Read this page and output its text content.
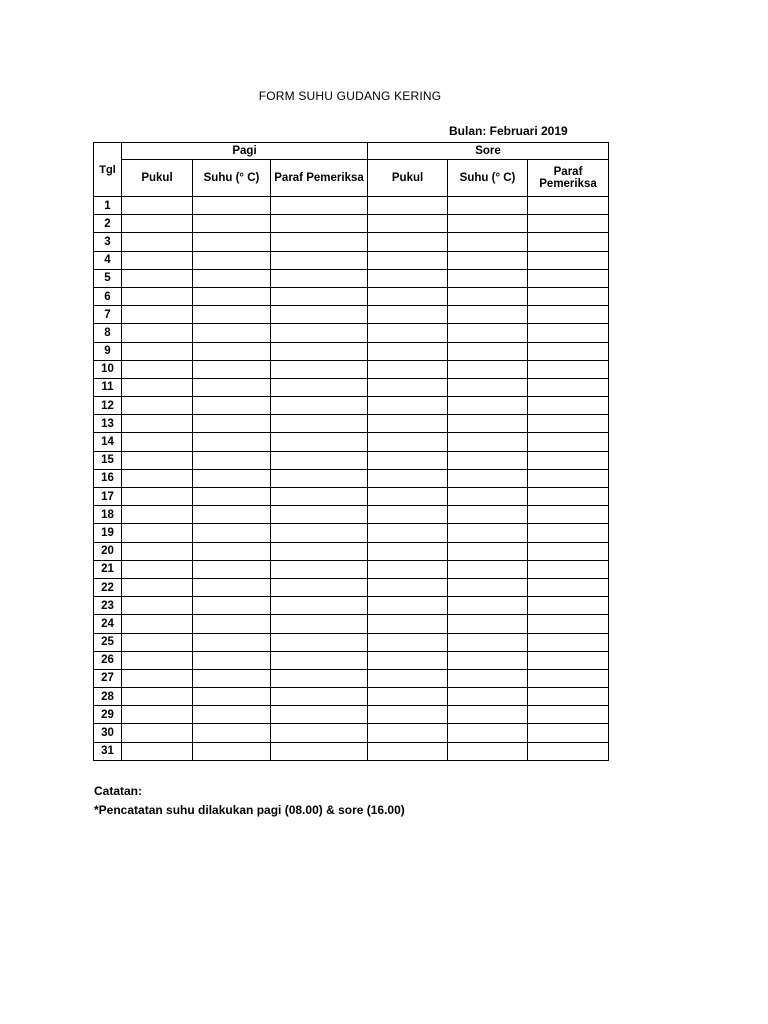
FORM SUHU GUDANG KERING
Bulan: Februari 2019
Tgl	Pagi			Sore		
	Pukul	Suhu (° C)	Paraf Pemeriksa	Pukul	Suhu (° C)	Paraf Pemeriksa
1						
2						
3						
4						
5						
6						
7						
8						
9						
10						
11						
12						
13						
14						
15						
16						
17						
18						
19						
20						
21						
22						
23						
24						
25						
26						
27						
28						
29						
30						
31						
Catatan:
*Pencatatan suhu dilakukan pagi (08.00) & sore (16.00)
